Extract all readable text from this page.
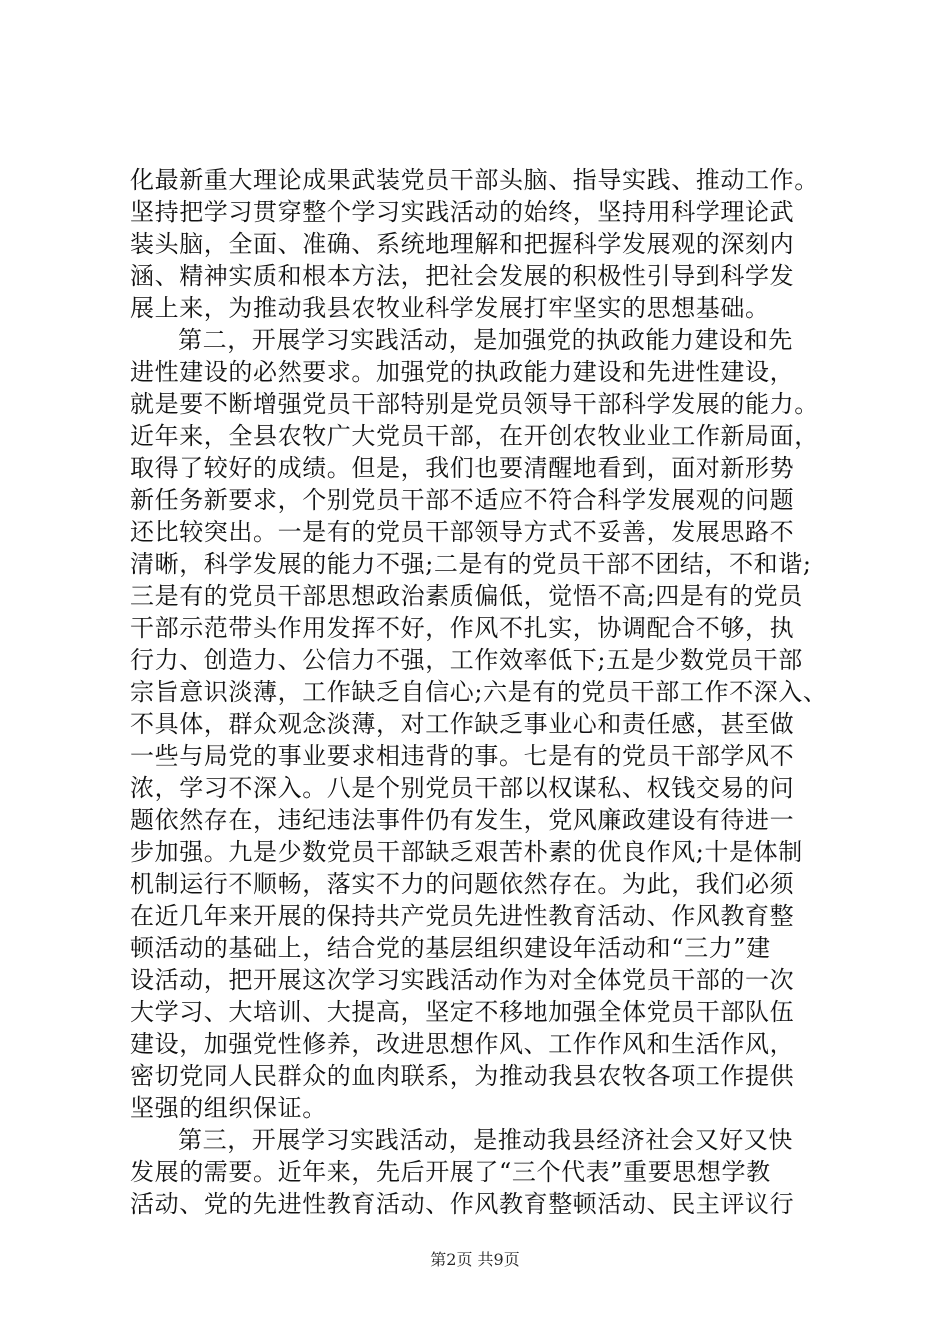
化最新重大理论成果武装党员干部头脑、指导实践、推动工作。
坚持把学习贯穿整个学习实践活动的始终，坚持用科学理论武
装头脑，全面、准确、系统地理解和把握科学发展观的深刻内
涵、精神实质和根本方法，把社会发展的积极性引导到科学发
展上来，为推动我县农牧业科学发展打牢坚实的思想基础。
第二，开展学习实践活动，是加强党的执政能力建设和先
进性建设的必然要求。加强党的执政能力建设和先进性建设，
就是要不断增强党员干部特别是党员领导干部科学发展的能力。
近年来，全县农牧广大党员干部，在开创农牧业业工作新局面，
取得了较好的成绩。但是，我们也要清醒地看到，面对新形势
新任务新要求，个别党员干部不适应不符合科学发展观的问题
还比较突出。一是有的党员干部领导方式不妥善，发展思路不
清晰，科学发展的能力不强;二是有的党员干部不团结，不和谐;
三是有的党员干部思想政治素质偏低，觉悟不高;四是有的党员
干部示范带头作用发挥不好，作风不扎实，协调配合不够，执
行力、创造力、公信力不强，工作效率低下;五是少数党员干部
宗旨意识淡薄，工作缺乏自信心;六是有的党员干部工作不深入、
不具体，群众观念淡薄，对工作缺乏事业心和责任感，甚至做
一些与局党的事业要求相违背的事。七是有的党员干部学风不
浓，学习不深入。八是个别党员干部以权谋私、权钱交易的问
题依然存在，违纪违法事件仍有发生，党风廉政建设有待进一
步加强。九是少数党员干部缺乏艰苦朴素的优良作风;十是体制
机制运行不顺畅，落实不力的问题依然存在。为此，我们必须
在近几年来开展的保持共产党员先进性教育活动、作风教育整
顿活动的基础上，结合党的基层组织建设年活动和“三力”建
设活动，把开展这次学习实践活动作为对全体党员干部的一次
大学习、大培训、大提高，坚定不移地加强全体党员干部队伍
建设，加强党性修养，改进思想作风、工作作风和生活作风，
密切党同人民群众的血肉联系，为推动我县农牧各项工作提供
坚强的组织保证。
第三，开展学习实践活动，是推动我县经济社会又好又快
发展的需要。近年来，先后开展了“三个代表”重要思想学教
活动、党的先进性教育活动、作风教育整顿活动、民主评议行
第2页 共9页
